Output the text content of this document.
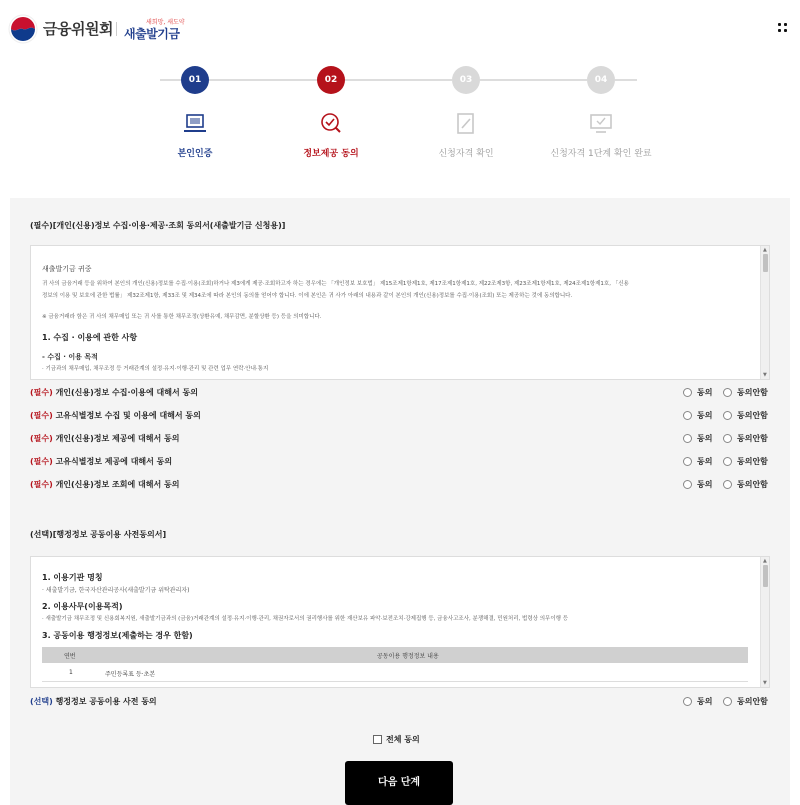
금융위원회	새희망, 새도약
새출발기금
01	02	03	04
본인인증	정보제공 동의	신청자격 확인	신청자격 1단계 확인 완료
(필수)[개인(신용)정보 수집·이용·제공·조회 동의서(새출발기금 신청용)]
새출발기금 귀중
귀 사의 금융거래 등을 위하여 본인의 개인(신용)정보를 수집·이용(조회)하거나 제3에게 제공·조회하고자 하는 경우에는 「개인정보 보호법」 제15조제1항제1호, 제17조제1항제1호, 제22조제3항, 제23조제1항제1호, 제24조제1항제1호, 「신용
정보의 이용 및 보호에 관한 법률」 제32조제1항, 제33조 및 제34조에 따라 본인의 동의를 얻어야 합니다. 이에 본인은 귀 사가 아래의 내용과 같이 본인의 개인(신용)정보를 수집·이용(조회) 또는 제공하는 것에 동의합니다.
※ 금융거래라 함은 귀 사의 채무매입 또는 귀 사를 통한 채무조정(상환유예, 채무감면, 분할상환 등) 등을 의미합니다.
1. 수집 · 이용에 관한 사항
- 수집 · 이용 목적
· 기금과의 채무매입, 채무조정 등 거래관계의 설정·유지·이행·관리 및 관련 업무 연락·안내·통지
▲
▼
(필수) 개인(신용)정보 수집·이용에 대해서 동의	동의	동의안함
(필수) 고유식별정보 수집 및 이용에 대해서 동의	동의	동의안함
(필수) 개인(신용)정보 제공에 대해서 동의	동의	동의안함
(필수) 고유식별정보 제공에 대해서 동의	동의	동의안함
(필수) 개인(신용)정보 조회에 대해서 동의	동의	동의안함
(선택)[행정정보 공동이용 사전동의서]
1. 이용기관 명칭
· 새출발기금, 한국자산관리공사(새출발기금 위탁관리자)
2. 이용사무(이용목적)
· 새출발기금 채무조정 및 신용회복지원, 새출발기금과의 (금융)거래관계의 설정·유지·이행·관리, 채권자로서의 권리행사를 위한 재산보유 파악·보전조치·강제집행 등, 금융사고조사, 분쟁해결, 민원처리, 법령상 의무이행 등
3. 공동이용 행정정보(제출하는 경우 한함)
연번	공동이용 행정정보 내용
1	주민등록표 등·초본
▲
▼
(선택) 행정정보 공동이용 사전 동의	동의	동의안함
전체 동의
다음 단계
